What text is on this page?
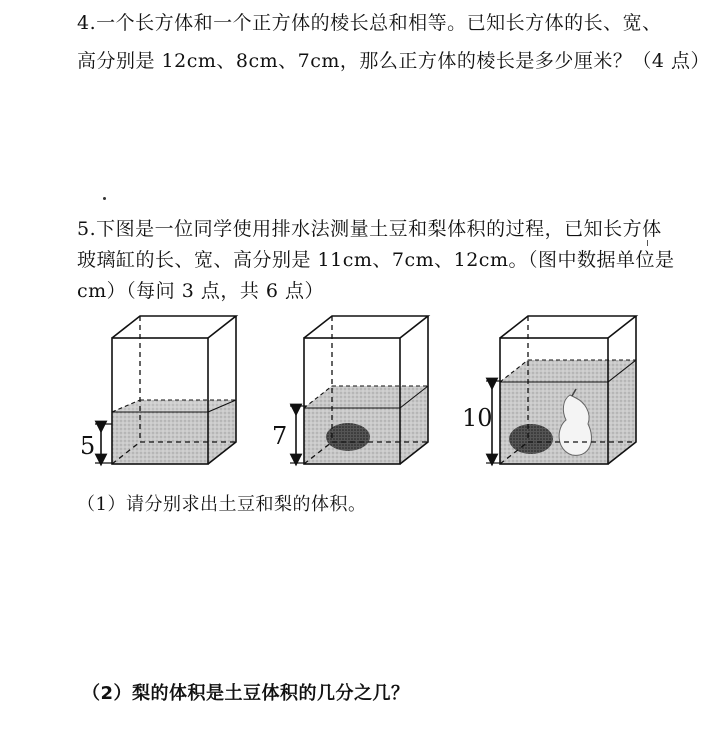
4.一个长方体和一个正方体的棱长总和相等。已知长方体的长、宽、
高分别是 12cm、8cm、7cm，那么正方体的棱长是多少厘米？（4 点）
5.下图是一位同学使用排水法测量土豆和梨体积的过程，已知长方体
玻璃缸的长、宽、高分别是 11cm、7cm、12cm。（图中数据单位是
cm）（每问 3 点，共 6 点）
5	7
10
（1）请分别求出土豆和梨的体积。
（2）梨的体积是土豆体积的几分之几？
